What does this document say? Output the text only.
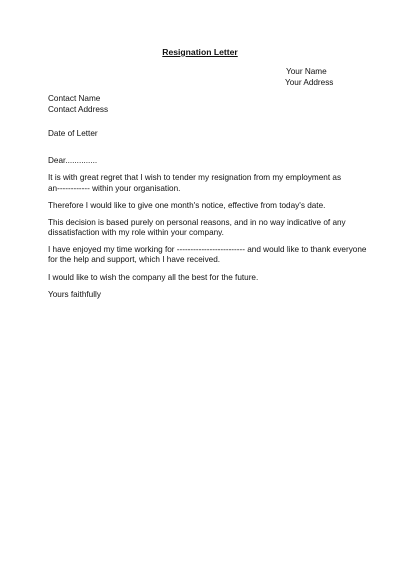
Resignation Letter
Your Name
Your Address
Contact Name
Contact Address
Date of Letter

Dear..............

It is with great regret that I wish to tender my resignation from my employment as
an------------ within your organisation.

Therefore I would like to give one month's notice, effective from today's date.

This decision is based purely on personal reasons, and in no way indicative of any
dissatisfaction with my role within your company.

I have enjoyed my time working for ------------------------- and would like to thank everyone
for the help and support, which I have received.

I would like to wish the company all the best for the future.

Yours faithfully
